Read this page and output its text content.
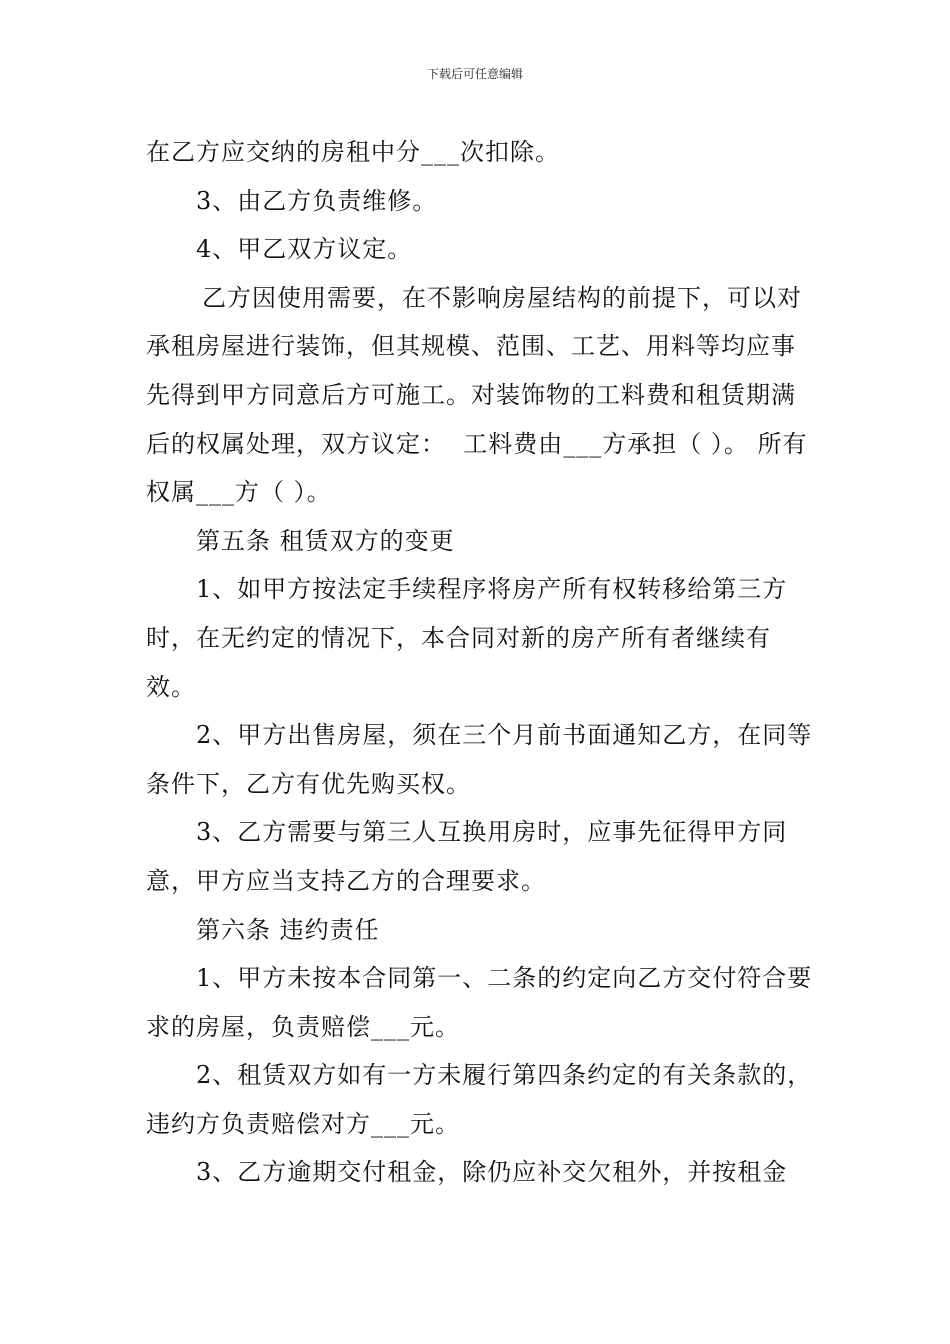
下载后可任意编辑

在乙方应交纳的房租中分___次扣除。

3、由乙方负责维修。

4、甲乙双方议定。

乙方因使用需要，在不影响房屋结构的前提下，可以对承租房屋进行装饰，但其规模、范围、工艺、用料等均应事先得到甲方同意后方可施工。对装饰物的工料费和租赁期满后的权属处理，双方议定：  工料费由___方承担（ ）。 所有权属___方（ ）。

第五条 租赁双方的变更

1、如甲方按法定手续程序将房产所有权转移给第三方时，在无约定的情况下，本合同对新的房产所有者继续有效。

2、甲方出售房屋，须在三个月前书面通知乙方，在同等条件下，乙方有优先购买权。

3、乙方需要与第三人互换用房时，应事先征得甲方同意，甲方应当支持乙方的合理要求。

第六条 违约责任

1、甲方未按本合同第一、二条的约定向乙方交付符合要求的房屋，负责赔偿___元。

2、租赁双方如有一方未履行第四条约定的有关条款的，违约方负责赔偿对方___元。

3、乙方逾期交付租金，除仍应补交欠租外，并按租金
